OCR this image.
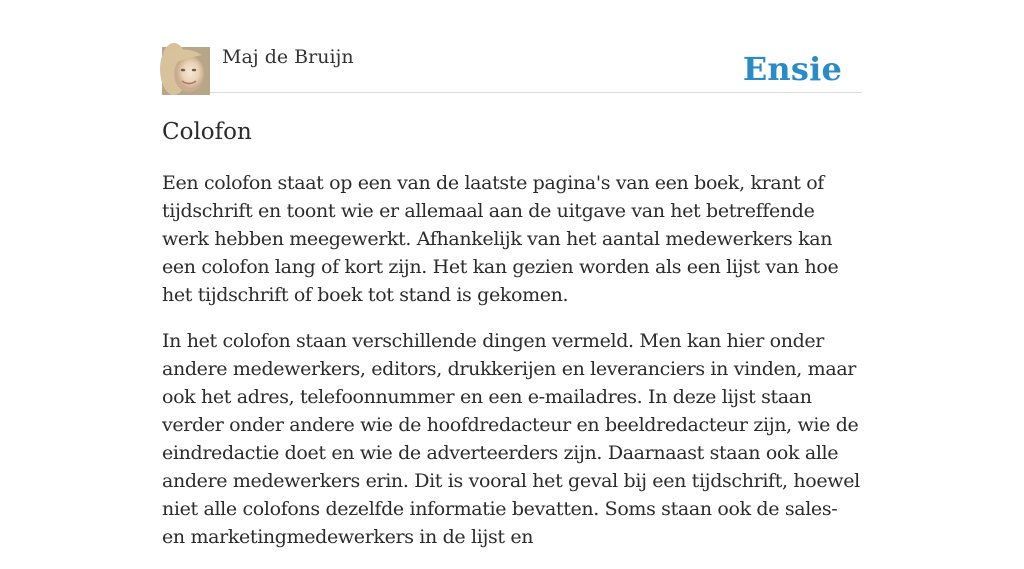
Maj de Bruijn	Ensie
Colofon

Een colofon staat op een van de laatste pagina's van een boek, krant of tijdschrift en toont wie er allemaal aan de uitgave van het betreffende werk hebben meegewerkt. Afhankelijk van het aantal medewerkers kan een colofon lang of kort zijn. Het kan gezien worden als een lijst van hoe het tijdschrift of boek tot stand is gekomen.

In het colofon staan verschillende dingen vermeld. Men kan hier onder andere medewerkers, editors, drukkerijen en leveranciers in vinden, maar ook het adres, telefoonnummer en een e-mailadres. In deze lijst staan verder onder andere wie de hoofdredacteur en beeldredacteur zijn, wie de eindredactie doet en wie de adverteerders zijn. Daarnaast staan ook alle andere medewerkers erin. Dit is vooral het geval bij een tijdschrift, hoewel niet alle colofons dezelfde informatie bevatten. Soms staan ook de sales- en marketingmedewerkers in de lijst en
